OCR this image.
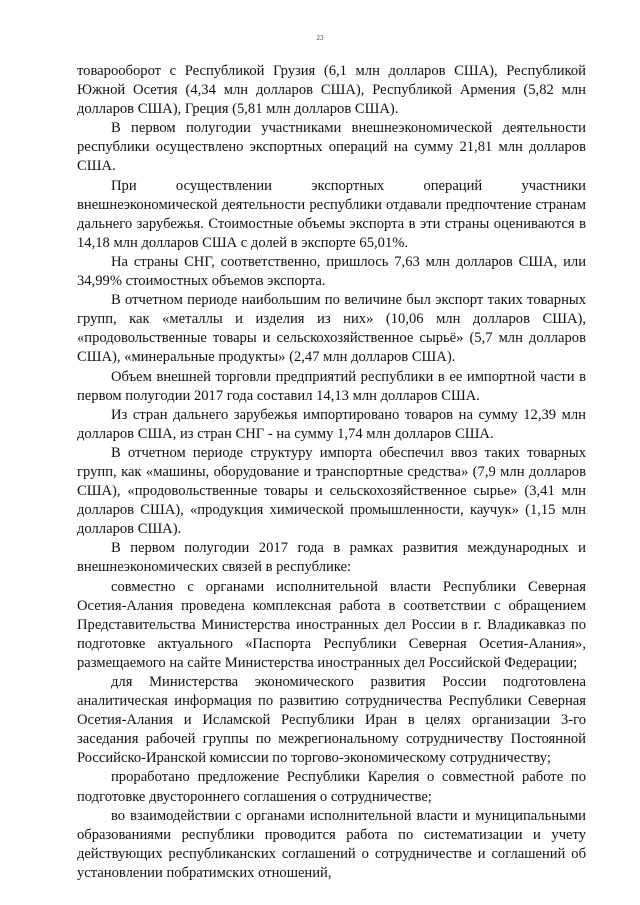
23

товарооборот с Республикой Грузия (6,1 млн долларов США), Республикой Южной Осетия (4,34 млн долларов США), Республикой Армения (5,82 млн долларов США), Греция (5,81 млн долларов США).

В первом полугодии участниками внешнеэкономической деятельности республики осуществлено экспортных операций на сумму 21,81 млн долларов США.

При осуществлении экспортных операций участники внешнеэкономической деятельности республики отдавали предпочтение странам дальнего зарубежья. Стоимостные объемы экспорта в эти страны оцениваются в 14,18 млн долларов США с долей в экспорте 65,01%.

На страны СНГ, соответственно, пришлось 7,63 млн долларов США, или 34,99% стоимостных объемов экспорта.

В отчетном периоде наибольшим по величине был экспорт таких товарных групп, как «металлы и изделия из них» (10,06 млн долларов США), «продовольственные товары и сельскохозяйственное сырьё» (5,7 млн долларов США), «минеральные продукты» (2,47 млн долларов США).

Объем внешней торговли предприятий республики в ее импортной части в первом полугодии 2017 года составил 14,13 млн долларов США.

Из стран дальнего зарубежья импортировано товаров на сумму 12,39 млн долларов США, из стран СНГ - на сумму 1,74 млн долларов США.

В отчетном периоде структуру импорта обеспечил ввоз таких товарных групп, как «машины, оборудование и транспортные средства» (7,9 млн долларов США), «продовольственные товары и сельскохозяйственное сырье» (3,41 млн долларов США), «продукция химической промышленности, каучук» (1,15 млн долларов США).

В первом полугодии 2017 года в рамках развития международных и внешнеэкономических связей в республике:

совместно с органами исполнительной власти Республики Северная Осетия-Алания проведена комплексная работа в соответствии с обращением Представительства Министерства иностранных дел России в г. Владикавказ по подготовке актуального «Паспорта Республики Северная Осетия-Алания», размещаемого на сайте Министерства иностранных дел Российской Федерации;

для Министерства экономического развития России подготовлена аналитическая информация по развитию сотрудничества Республики Северная Осетия-Алания и Исламской Республики Иран в целях организации 3-го заседания рабочей группы по межрегиональному сотрудничеству Постоянной Российско-Иранской комиссии по торгово-экономическому сотрудничеству;

проработано предложение Республики Карелия о совместной работе по подготовке двустороннего соглашения о сотрудничестве;

во взаимодействии с органами исполнительной власти и муниципальными образованиями республики проводится работа по систематизации и учету действующих республиканских соглашений о сотрудничестве и соглашений об установлении побратимских отношений,
